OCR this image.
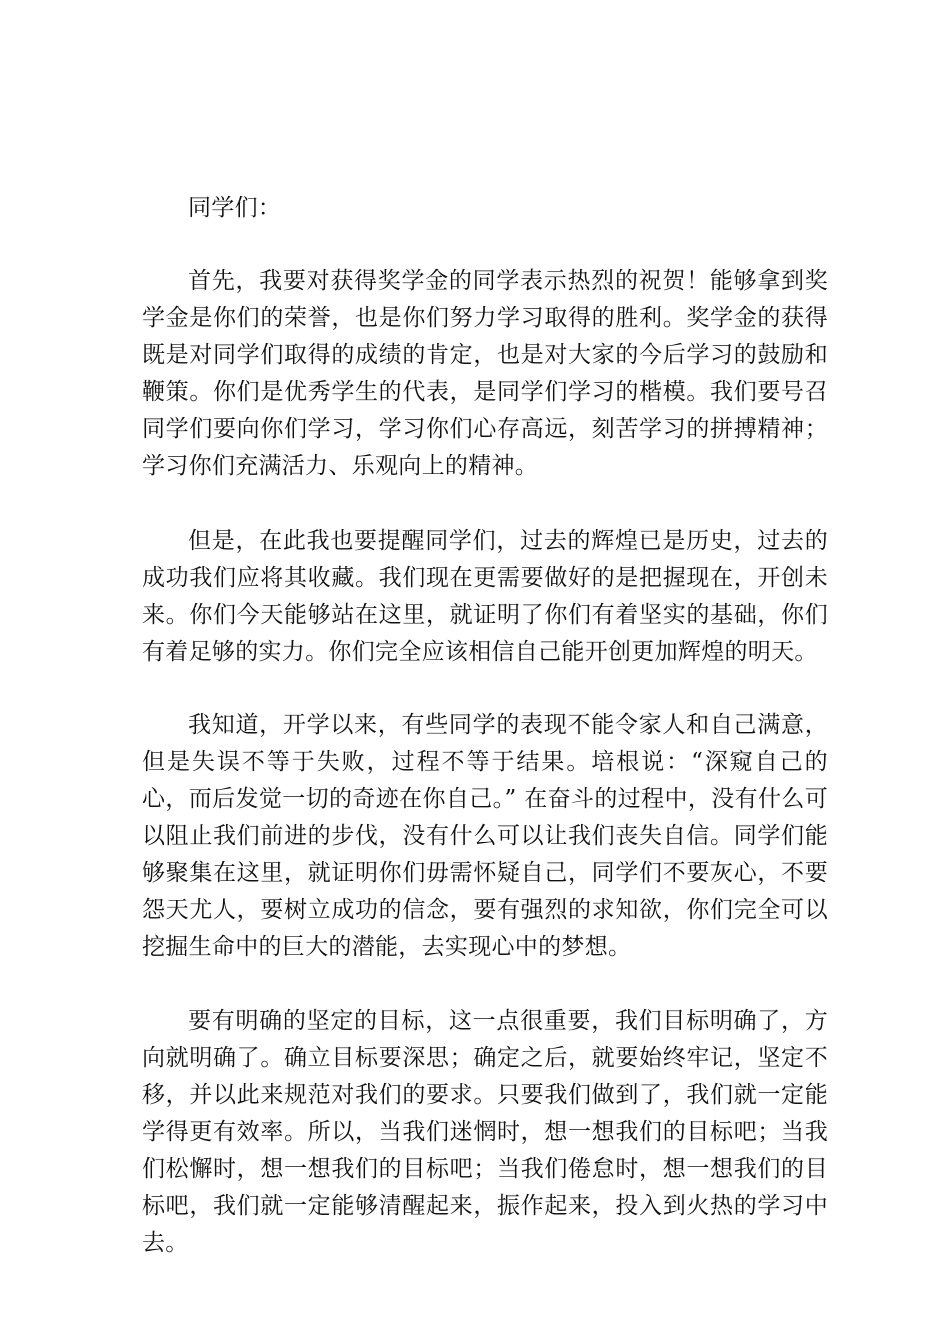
同学们：

首先，我要对获得奖学金的同学表示热烈的祝贺！能够拿到奖学金是你们的荣誉，也是你们努力学习取得的胜利。奖学金的获得既是对同学们取得的成绩的肯定，也是对大家的今后学习的鼓励和鞭策。你们是优秀学生的代表，是同学们学习的楷模。我们要号召同学们要向你们学习，学习你们心存高远，刻苦学习的拼搏精神；学习你们充满活力、乐观向上的精神。

但是，在此我也要提醒同学们，过去的辉煌已是历史，过去的成功我们应将其收藏。我们现在更需要做好的是把握现在，开创未来。你们今天能够站在这里，就证明了你们有着坚实的基础，你们有着足够的实力。你们完全应该相信自己能开创更加辉煌的明天。

我知道，开学以来，有些同学的表现不能令家人和自己满意，但是失误不等于失败，过程不等于结果。培根说：“深窥自己的心，而后发觉一切的奇迹在你自己。” 在奋斗的过程中，没有什么可以阻止我们前进的步伐，没有什么可以让我们丧失自信。同学们能够聚集在这里，就证明你们毋需怀疑自己，同学们不要灰心，不要怨天尤人，要树立成功的信念，要有强烈的求知欲，你们完全可以挖掘生命中的巨大的潜能，去实现心中的梦想。

要有明确的坚定的目标，这一点很重要，我们目标明确了，方向就明确了。确立目标要深思；确定之后，就要始终牢记，坚定不移，并以此来规范对我们的要求。只要我们做到了，我们就一定能学得更有效率。所以，当我们迷惘时，想一想我们的目标吧；当我们松懈时，想一想我们的目标吧；当我们倦怠时，想一想我们的目标吧，我们就一定能够清醒起来，振作起来，投入到火热的学习中去。
